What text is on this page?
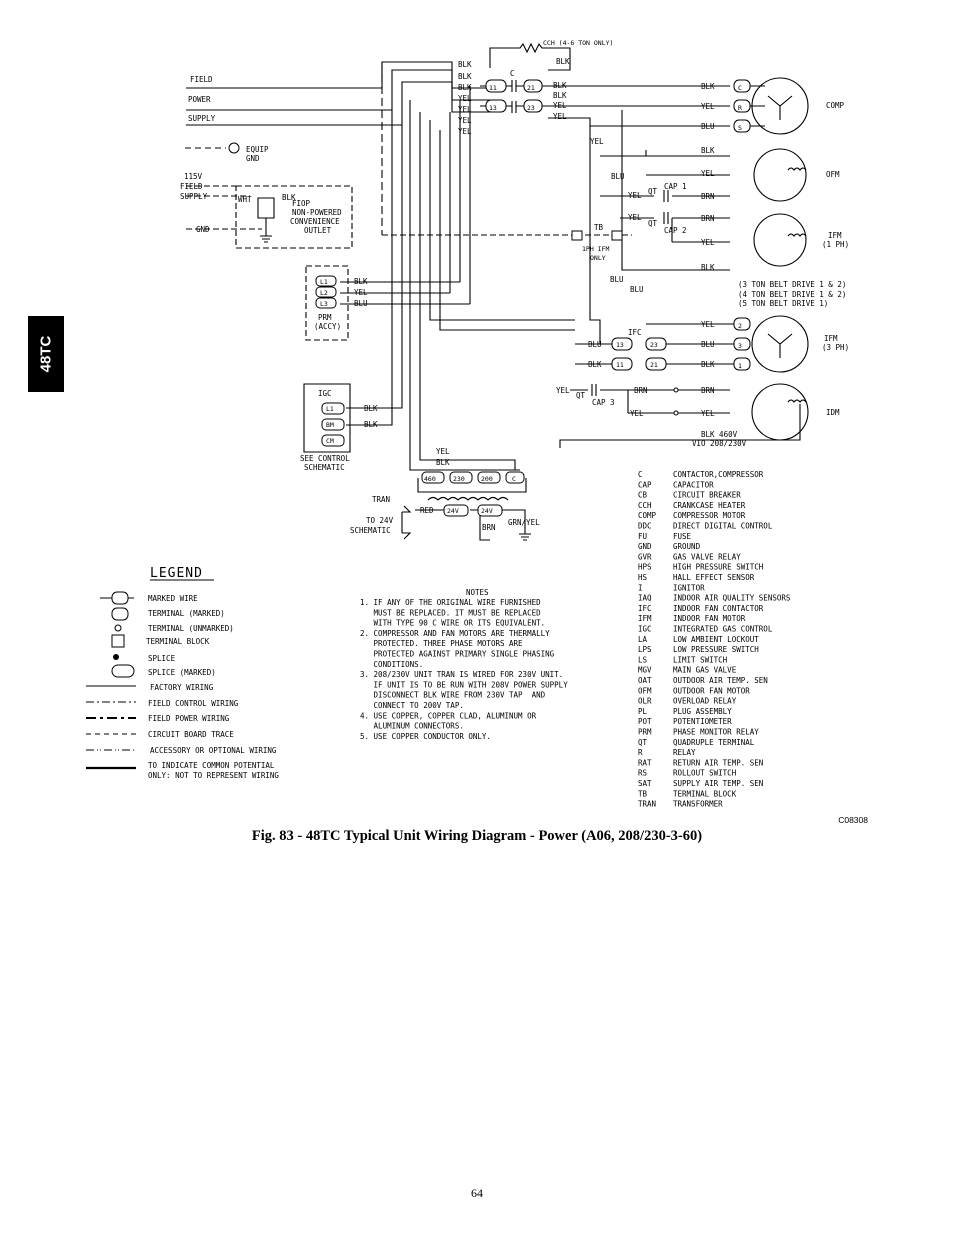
48TC
FIELD
POWER
SUPPLY
EQUIP
GND
115V
FIELD
SUPPLY	WHT	BLK
GND
FIOP
NON-POWERED
CONVENIENCE
OUTLET
CCH (4-6 TON ONLY)
C
11
13
21
23
C
R
S
BLK
BLK
BLK
YEL
YEL
YEL
YEL
BLK
BLK
BLK
YEL
YEL
BLK
YEL
BLU
COMP
YEL
BLK
BLU	YEL	OFM
YEL QT
CAP 1
BRN
YEL
QT
CAP 2
BRN
YEL
IFM
(1 PH)
TB
1PH IFM
ONLY
BLK
BLU
BLU
(3 TON BELT DRIVE 1 & 2)
(4 TON BELT DRIVE 1 & 2)
(5 TON BELT DRIVE 1)
YEL	2
BLU	3
BLK	1
IFC
BLU
BLK
13	23
11	21
IFM
(3 PH)
YEL
QT
CAP 3
BRN	BRN
YEL	YEL	IDM
BLK 460V
VIO 208/230V
BLK
YEL
BLU
L1
L2
L3
PRM
(ACCY)
IGC
L1
BM
CM
BLK
BLK
SEE CONTROL
SCHEMATIC
YEL
BLK
460	230	200	C
TRAN
RED 24V	24V
BRN
GRN/YEL
TO 24V
SCHEMATIC
LEGEND
MARKED WIRE
TERMINAL (MARKED)
TERMINAL (UNMARKED)
TERMINAL BLOCK
SPLICE
SPLICE (MARKED)
FACTORY WIRING
FIELD CONTROL WIRING
FIELD POWER WIRING
CIRCUIT BOARD TRACE
ACCESSORY OR OPTIONAL WIRING
TO INDICATE COMMON POTENTIAL
ONLY: NOT TO REPRESENT WIRING
NOTES
1. IF ANY OF THE ORIGINAL WIRE FURNISHED
MUST BE REPLACED. IT MUST BE REPLACED
WITH TYPE 90 C WIRE OR ITS EQUIVALENT.
2. COMPRESSOR AND FAN MOTORS ARE THERMALLY
PROTECTED. THREE PHASE MOTORS ARE
PROTECTED AGAINST PRIMARY SINGLE PHASING
CONDITIONS.
3. 208/230V UNIT TRAN IS WIRED FOR 230V UNIT.
IF UNIT IS TO BE RUN WITH 208V POWER SUPPLY
DISCONNECT BLK WIRE FROM 230V TAP  AND
CONNECT TO 200V TAP.
4. USE COPPER, COPPER CLAD, ALUMINUM OR
ALUMINUM CONNECTORS.
5. USE COPPER CONDUCTOR ONLY.
C	CONTACTOR,COMPRESSOR
CAP	CAPACITOR
CB	CIRCUIT BREAKER
CCH	CRANKCASE HEATER
COMP COMPRESSOR MOTOR
DDC	DIRECT DIGITAL CONTROL
FU	FUSE
GND	GROUND
GVR	GAS VALVE RELAY
HPS	HIGH PRESSURE SWITCH
HS	HALL EFFECT SENSOR
I	IGNITOR
IAQ	INDOOR AIR QUALITY SENSORS
IFC	INDOOR FAN CONTACTOR
IFM	INDOOR FAN MOTOR
IGC	INTEGRATED GAS CONTROL
LA	LOW AMBIENT LOCKOUT
LPS	LOW PRESSURE SWITCH
LS	LIMIT SWITCH
MGV	MAIN GAS VALVE
OAT	OUTDOOR AIR TEMP. SEN
OFM	OUTDOOR FAN MOTOR
OLR	OVERLOAD RELAY
PL	PLUG ASSEMBLY
POT	POTENTIOMETER
PRM	PHASE MONITOR RELAY
QT	QUADRUPLE TERMINAL
R	RELAY
RAT	RETURN AIR TEMP. SEN
RS	ROLLOUT SWITCH
SAT	SUPPLY AIR TEMP. SEN
TB	TERMINAL BLOCK
TRAN TRANSFORMER
C08308
Fig. 83 - 48TC Typical Unit Wiring Diagram - Power (A06, 208/230-3-60)
64
